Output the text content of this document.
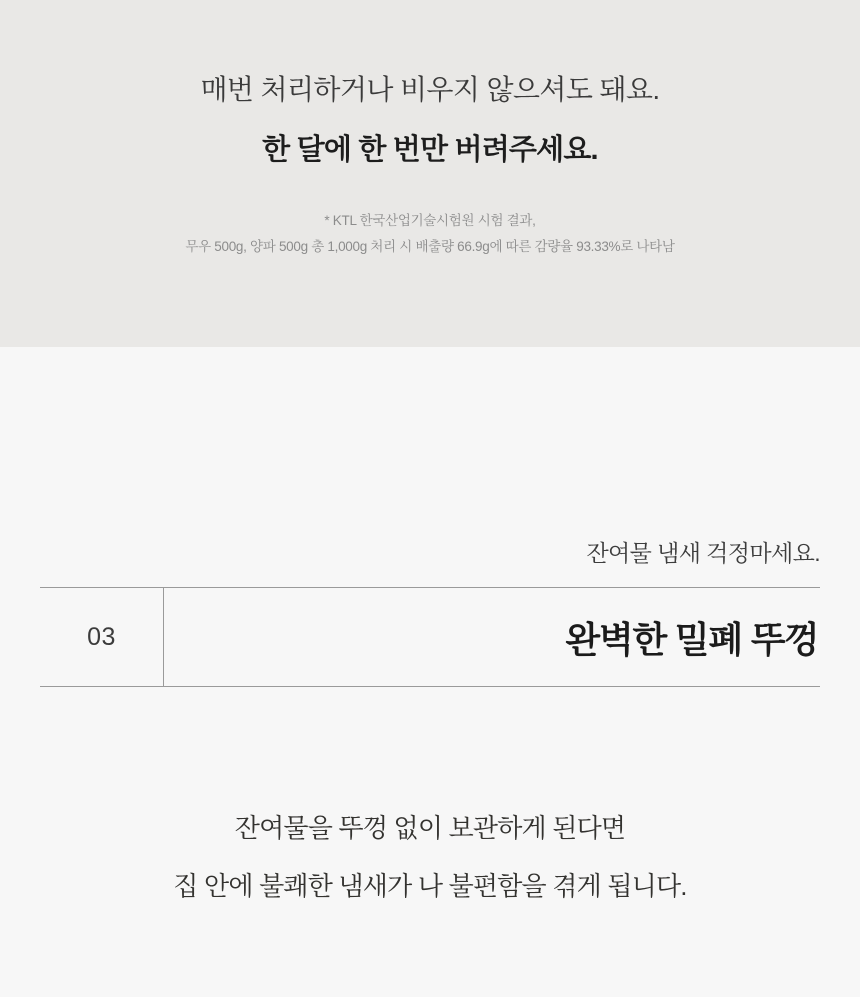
매번 처리하거나 비우지 않으셔도 돼요.
한 달에 한 번만 버려주세요.
* KTL 한국산업기술시험원 시험 결과,
무우 500g, 양파 500g 총 1,000g 처리 시 배출량 66.9g에 따른 감량율 93.33%로 나타남
잔여물 냄새 걱정마세요.
03	완벽한 밀폐 뚜껑
잔여물을 뚜껑 없이 보관하게 된다면
집 안에 불쾌한 냄새가 나 불편함을 겪게 됩니다.
